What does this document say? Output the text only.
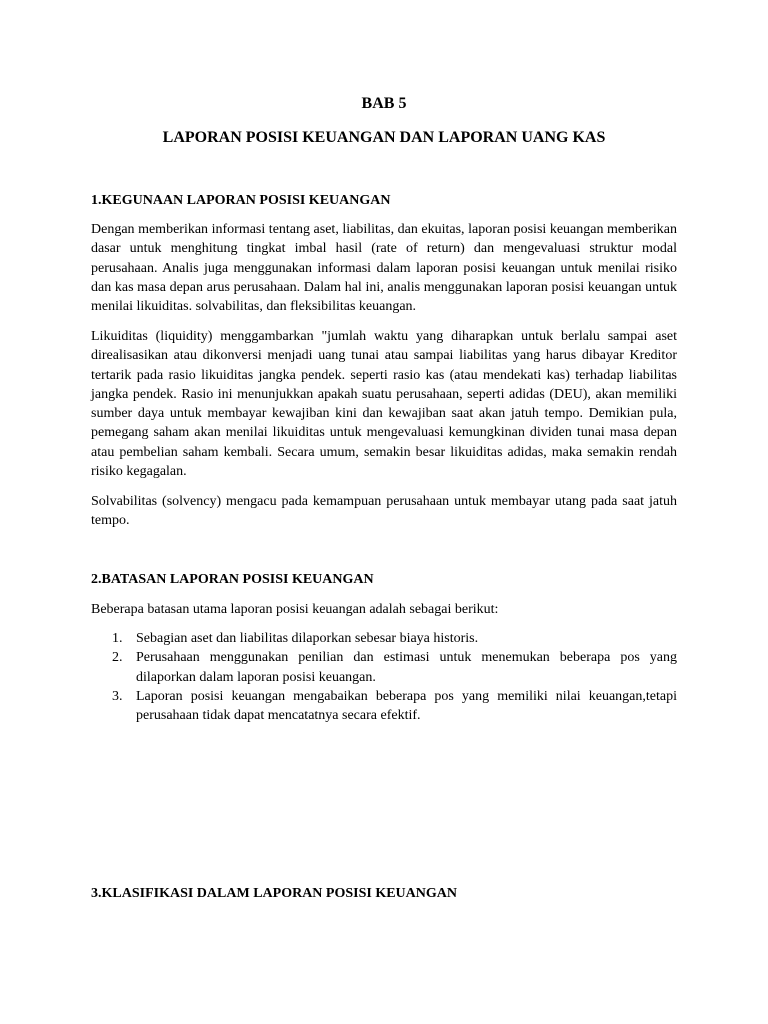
BAB 5
LAPORAN POSISI KEUANGAN DAN LAPORAN UANG KAS
1.KEGUNAAN LAPORAN POSISI KEUANGAN

Dengan memberikan informasi tentang aset, liabilitas, dan ekuitas, laporan posisi keuangan memberikan dasar untuk menghitung tingkat imbal hasil (rate of return) dan mengevaluasi struktur modal perusahaan. Analis juga menggunakan informasi dalam laporan posisi keuangan untuk menilai risiko dan kas masa depan arus perusahaan. Dalam hal ini, analis menggunakan laporan posisi keuangan untuk menilai likuiditas. solvabilitas, dan fleksibilitas keuangan.

Likuiditas (liquidity) menggambarkan "jumlah waktu yang diharapkan untuk berlalu sampai aset direalisasikan atau dikonversi menjadi uang tunai atau sampai liabilitas yang harus dibayar Kreditor tertarik pada rasio likuiditas jangka pendek. seperti rasio kas (atau mendekati kas) terhadap liabilitas jangka pendek. Rasio ini menunjukkan apakah suatu perusahaan, seperti adidas (DEU), akan memiliki sumber daya untuk membayar kewajiban kini dan kewajiban saat akan jatuh tempo. Demikian pula, pemegang saham akan menilai likuiditas untuk mengevaluasi kemungkinan dividen tunai masa depan atau pembelian saham kembali. Secara umum, semakin besar likuiditas adidas, maka semakin rendah risiko kegagalan.

Solvabilitas (solvency) mengacu pada kemampuan perusahaan untuk membayar utang pada saat jatuh tempo.

2.BATASAN LAPORAN POSISI KEUANGAN

Beberapa batasan utama laporan posisi keuangan adalah sebagai berikut:

1. Sebagian aset dan liabilitas dilaporkan sebesar biaya historis.
2. Perusahaan menggunakan penilian dan estimasi untuk menemukan beberapa pos yang dilaporkan dalam laporan posisi keuangan.
3. Laporan posisi keuangan mengabaikan beberapa pos yang memiliki nilai keuangan,tetapi perusahaan tidak dapat mencatatnya secara efektif.
3.KLASIFIKASI DALAM LAPORAN POSISI KEUANGAN
